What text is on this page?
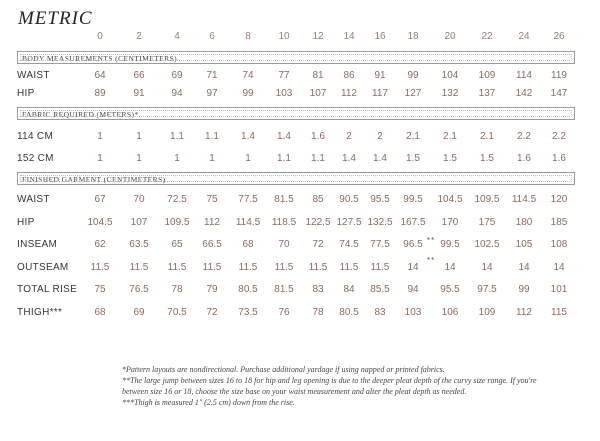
METRIC
0	2	4	6	8	10	12	14	16	18	20	22	24	26
BODY MEASUREMENTS (CENTIMETERS)
WAIST	64	66	69	71	74	77	81	86	91	99	104	109	114	119
HIP	89	91	94	97	99	103	107	112	117	127	132	137	142	147
FABRIC REQUIRED (METERS)*
114 CM	1	1	1.1	1.1	1.4	1.4	1.6	2	2	2.1	2.1	2.1	2.2	2.2
152 CM	1	1	1	1	1	1.1	1.1	1.4	1.4	1.5	1.5	1.5	1.6	1.6
FINISHED GARMENT (CENTIMETERS)
WAIST	67	70	72.5	75	77.5	81.5	85	90.5	95.5	99.5	104.5	109.5	114.5	120
HIP	104.5	107	109.5	112	114.5	118.5 122.5 127.5 132.5 167.5	170	175	180	185
INSEAM	62	63.5	65	66.5	68	70	72	74.5	77.5	96.5	99.5	102.5	105	108
OUTSEAM	11.5	11.5	11.5	11.5	11.5	11.5	11.5	11.5	11.5	14	14	14	14	14
TOTAL RISE	75	76.5	78	79	80.5	81.5	83	84	85.5	94	95.5	97.5	99	101
THIGH***	68	69	70.5	72	73.5	76	78	80.5	83	103	106	109	112	115
**
**

*Pattern layouts are nondirectional. Purchase additional yardage if using napped or printed fabrics.

**The large jump between sizes 16 to 18 for hip and leg opening is due to the deeper pleat depth of the curvy size range. If you're between size 16 or 18, choose the size base on your waist measurement and alter the pleat depth as needed.

***Thigh is measured 1" (2.5 cm) down from the rise.
